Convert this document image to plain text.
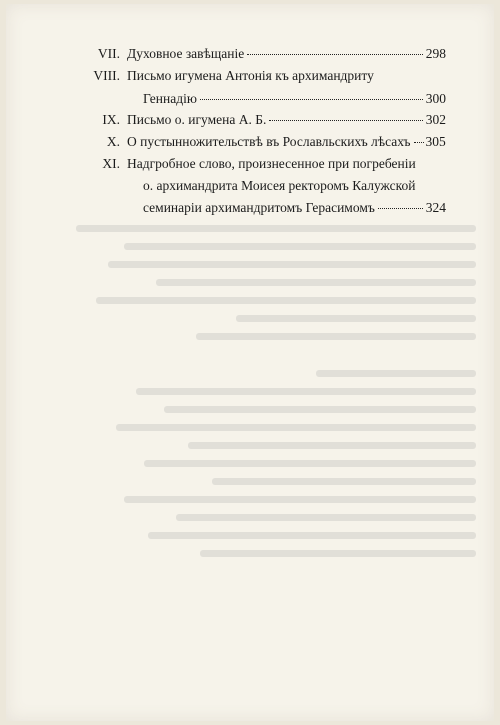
VII. Духовное завѣщаніе	298
VIII. Письмо игумена Антонія къ архимандриту
Геннадію	300
IX. Письмо о. игумена А. Б.	302
X. О пустынножительствѣ въ Рославльскихъ лѣсахъ 305
XI. Надгробное слово, произнесенное при погребеніи
о. архимандрита Моисея ректоромъ Калужской
семинаріи архимандритомъ Герасимомъ	324
